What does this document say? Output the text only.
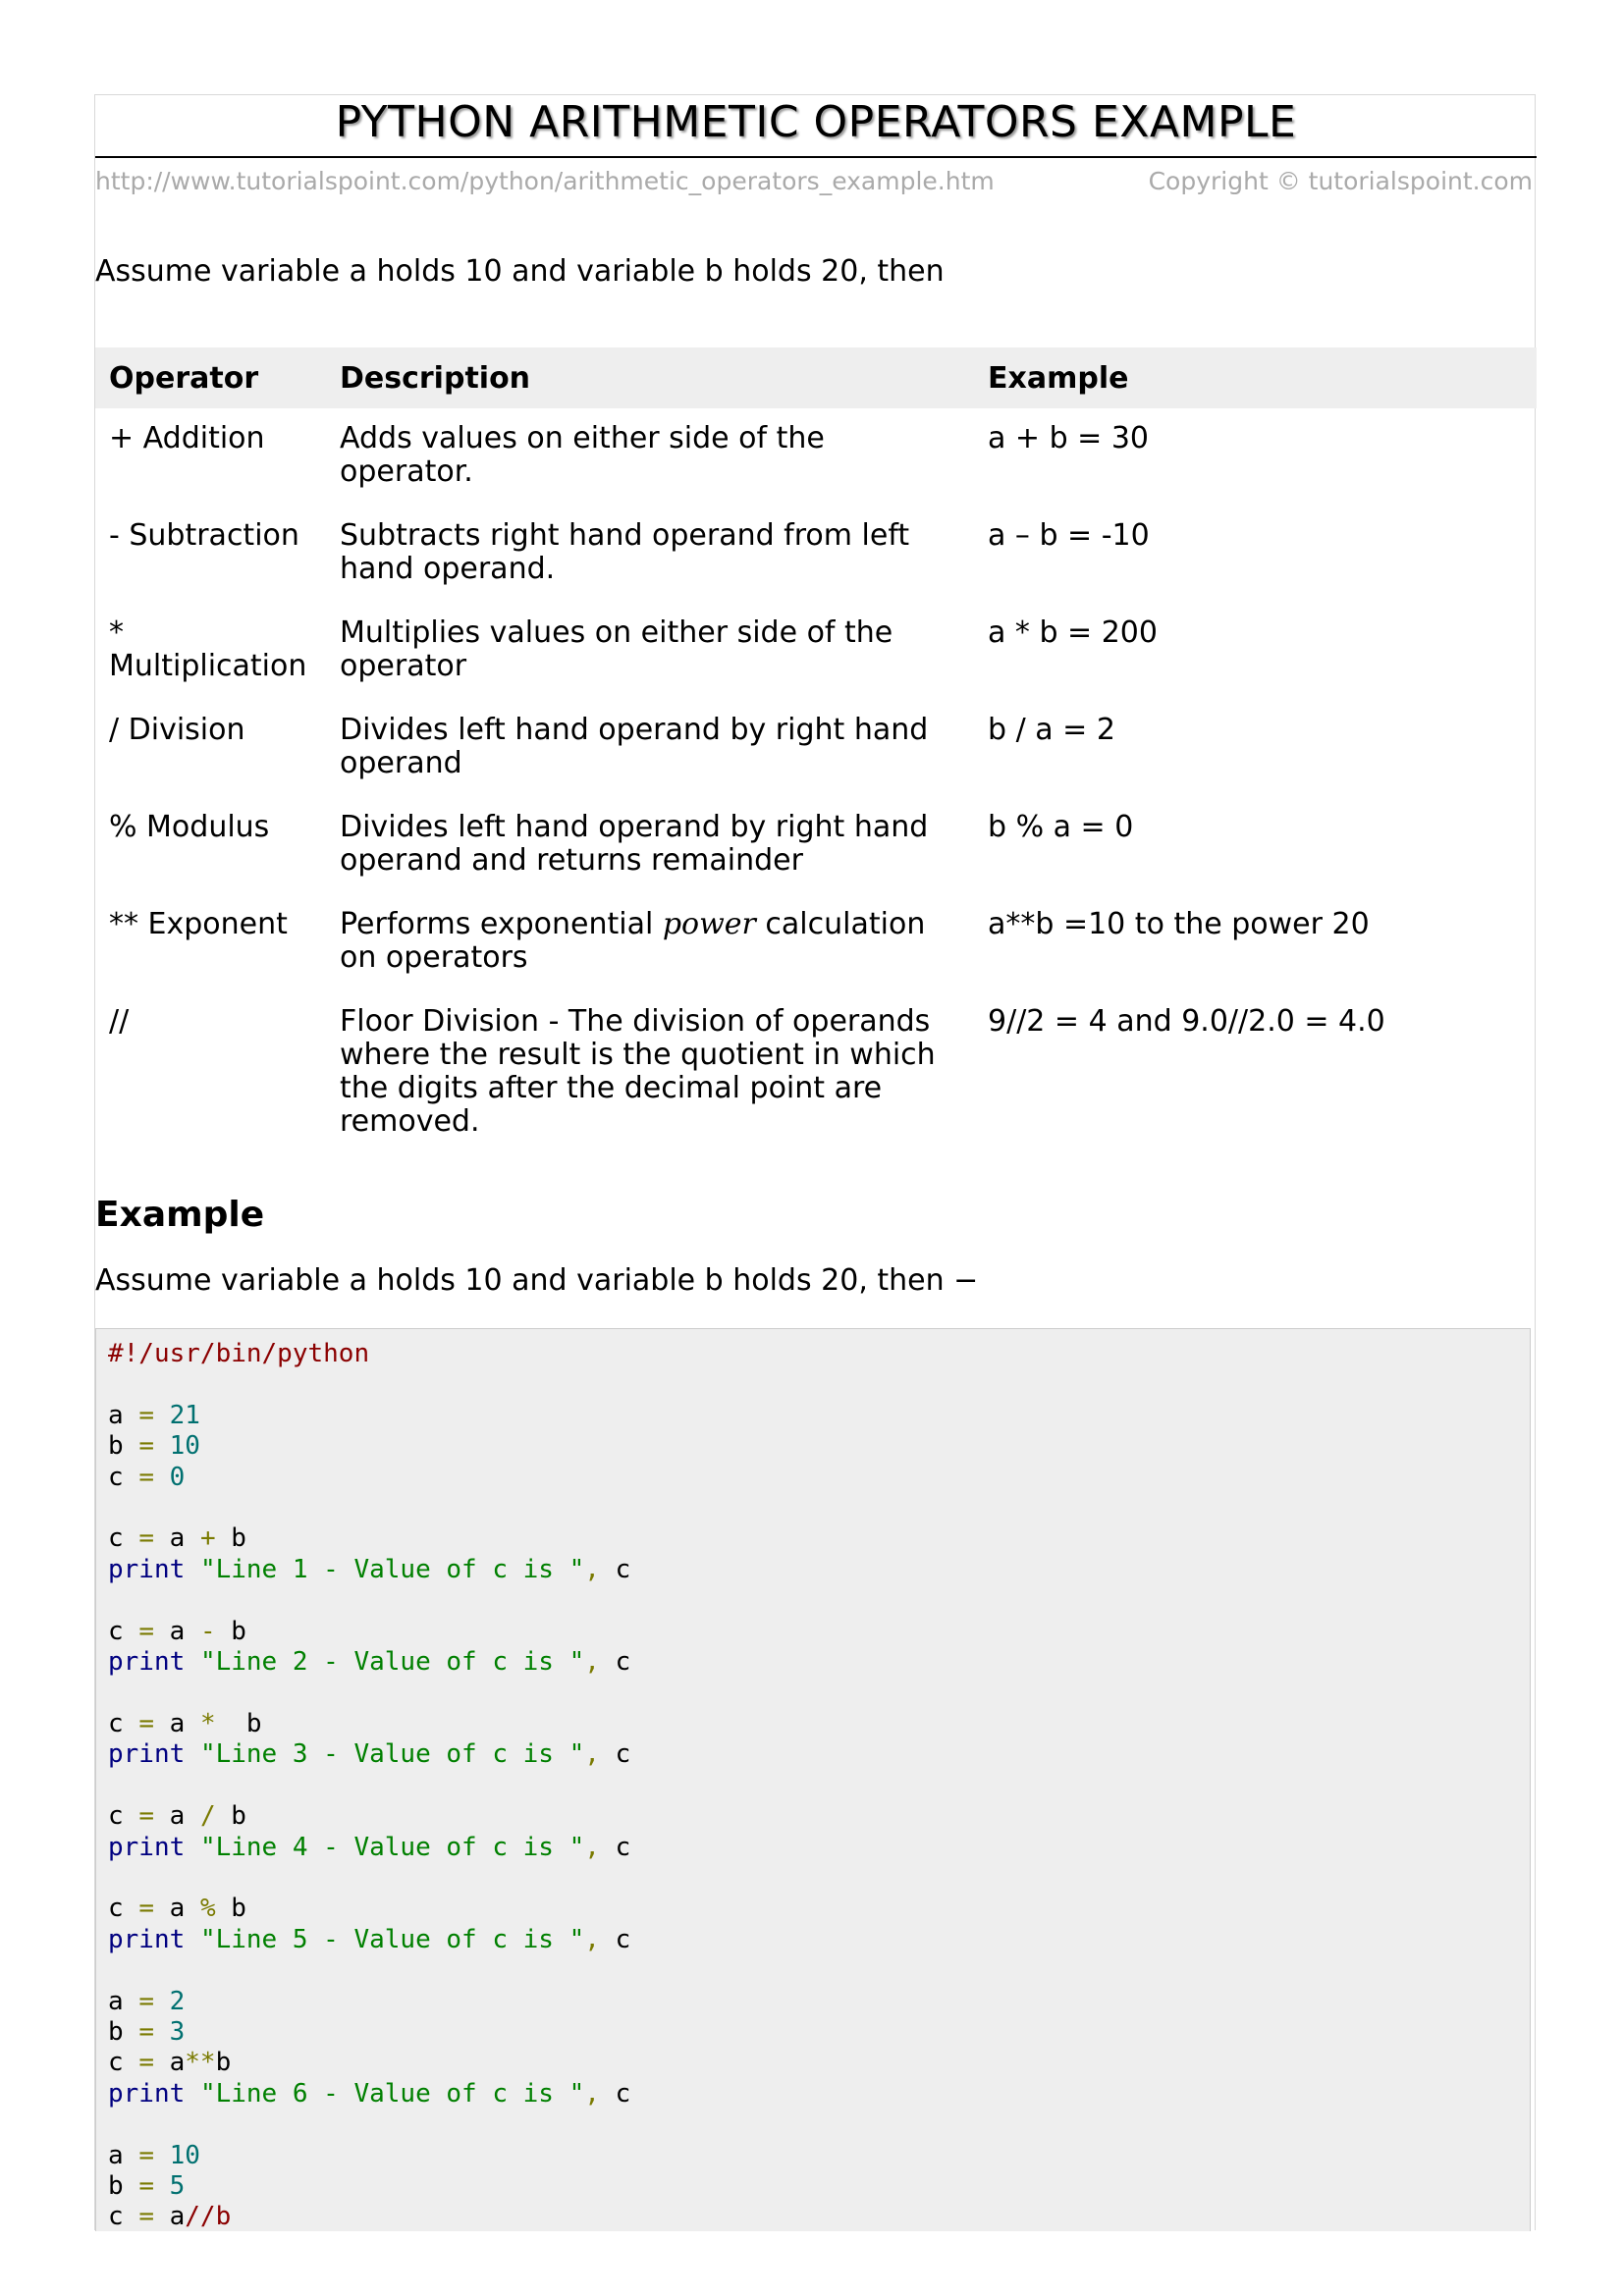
PYTHON ARITHMETIC OPERATORS EXAMPLE
http://www.tutorialspoint.com/python/arithmetic_operators_example.htm	Copyright © tutorialspoint.com
Assume variable a holds 10 and variable b holds 20, then
Operator	Description	Example
+ Addition	Adds values on either side of the operator.	a + b = 30
- Subtraction	Subtracts right hand operand from left hand operand.	a – b = -10
* Multiplication	Multiplies values on either side of the operator	a * b = 200
/ Division	Divides left hand operand by right hand operand	b / a = 2
% Modulus	Divides left hand operand by right hand operand and returns remainder	b % a = 0
** Exponent	Performs exponential power calculation on operators	a**b =10 to the power 20
//	Floor Division - The division of operands where the result is the quotient in which the digits after the decimal point are removed.	9//2 = 4 and 9.0//2.0 = 4.0
Example
Assume variable a holds 10 and variable b holds 20, then −
#!/usr/bin/python

a = 21
b = 10
c = 0

c = a + b
print "Line 1 - Value of c is ", c

c = a - b
print "Line 2 - Value of c is ", c

c = a *  b
print "Line 3 - Value of c is ", c

c = a / b
print "Line 4 - Value of c is ", c

c = a % b
print "Line 5 - Value of c is ", c

a = 2
b = 3
c = a**b
print "Line 6 - Value of c is ", c

a = 10
b = 5
c = a//b
